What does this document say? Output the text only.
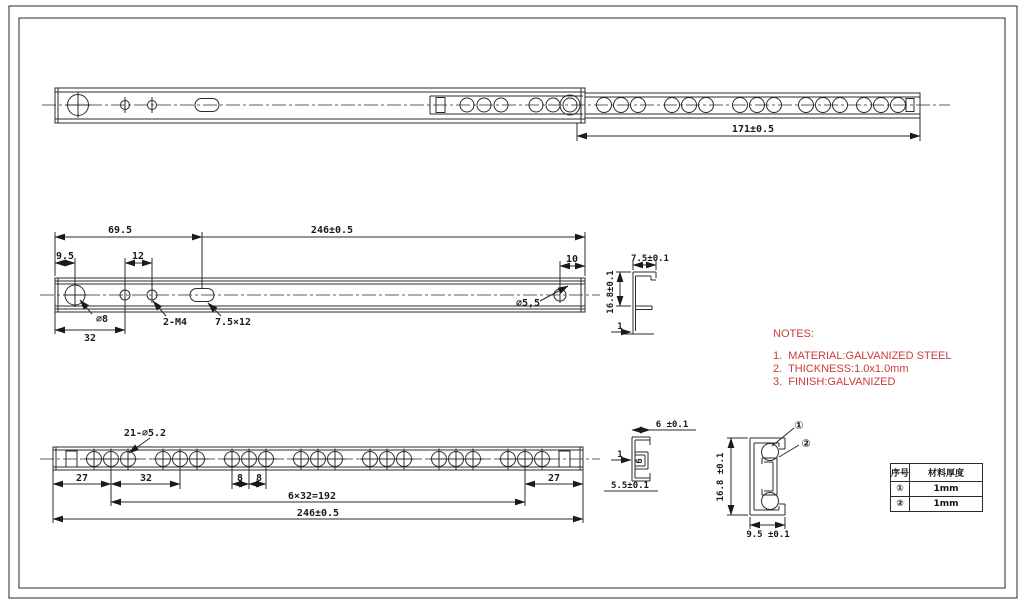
171±0.5
69.5	246±0.5
9.5	12	10
32
⌀8	2-M4	7.5×12
⌀5,5
7.5±0.1
16.8±0.1
1
21-⌀5.2
27	32	8 8	27
6×32=192
246±0.5
6 ±0.1
1
6
5.5±0.1
①
②
16.8 ±0.1
9.5 ±0.1
NOTES:
1.  MATERIAL:GALVANIZED STEEL
2.  THICKNESS:1.0x1.0mm
3.  FINISH:GALVANIZED
序号	材料厚度
①	1mm
②	1mm
